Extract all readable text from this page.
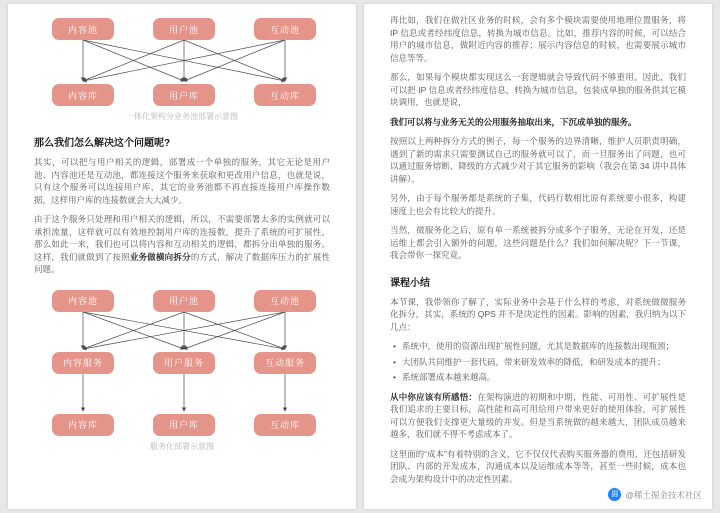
内容池	用户池	互动池
内容库	用户库	互动库
一体化架构分业务池部署示意图
那么我们怎么解决这个问题呢?

其实，可以把与用户相关的逻辑，部署成一个单独的服务，其它无论是用户池、内容池还是互动池，都连接这个服务来获取和更改用户信息，也就是说，只有这个服务可以连接用户库，其它的业务池都不再直接连接用户库操作数据，这样用户库的连接数就会大大减少。

由于这个服务只处理和用户相关的逻辑，所以，不需要部署太多的实例就可以承担流量，这样就可以有效地控制用户库的连接数，提升了系统的可扩展性。那么如此一来，我们也可以将内容和互动相关的逻辑，都拆分出单独的服务。这样，我们就做到了按照业务做横向拆分的方式，解决了数据库压力的扩展性问题。

内容池	用户池	互动池
内容服务	用户服务	互动服务
内容库	用户库	互动库
服务化部署示意图

再比如，我们在做社区业务的时候，会有多个模块需要使用地理位置服务，将 IP 信息或者经纬度信息，转换为城市信息。比如，推荐内容的时候，可以结合用户的城市信息，做附近内容的推荐；展示内容信息的时候，也需要展示城市信息等等。

那么，如果每个模块都实现这么一套逻辑就会导致代码不够重用。因此，我们可以把 IP 信息或者经纬度信息，转换为城市信息，包装成单独的服务供其它模块调用，也就是说，

我们可以将与业务无关的公用服务抽取出来，下沉成单独的服务。

按照以上两种拆分方式的例子，每一个服务的边界清晰，维护人员职责明确，遇到了新的需求只需要测试自己的服务就可以了，而一旦服务出了问题，也可以通过服务熔断、降级的方式减少对于其它服务的影响（我会在第 34 讲中具体讲解）。

另外，由于每个服务都是系统的子集，代码行数相比原有系统要小很多，构建速度上也会有比较大的提升。

当然，微服务化之后，原有单一系统被拆分成多个子服务，无论在开发，还是运维上都会引入额外的问题，这些问题是什么？我们如何解决呢？下一节课，我会带你一探究竟。

课程小结

本节课，我带领你了解了，实际业务中会基于什么样的考虑，对系统做微服务化拆分，其实，系统的 QPS 并不是决定性的因素。影响的因素，我归纳为以下几点：

• 系统中，使用的资源出现扩展性问题，尤其是数据库的连接数出现瓶颈；
• 大团队共同维护一套代码，带来研发效率的降低，和研发成本的提升；
• 系统部署成本越来越高。

从中你应该有所感悟：在架构演进的初期和中期，性能、可用性、可扩展性是我们追求的主要目标，高性能和高可用给用户带来更好的使用体验，可扩展性可以方便我们支撑更大量级的并发。但是当系统做的越来越大，团队成员越来越多，我们就不得不考虑成本了。

这里面的“成本”有着特别的含义，它不仅仅代表购买服务器的费用，还包括研发团队、内部的开发成本，沟通成本以及运维成本等等，甚至一些时候，成本也会成为架构设计中的决定性因素。

掘 @稀土掘金技术社区
